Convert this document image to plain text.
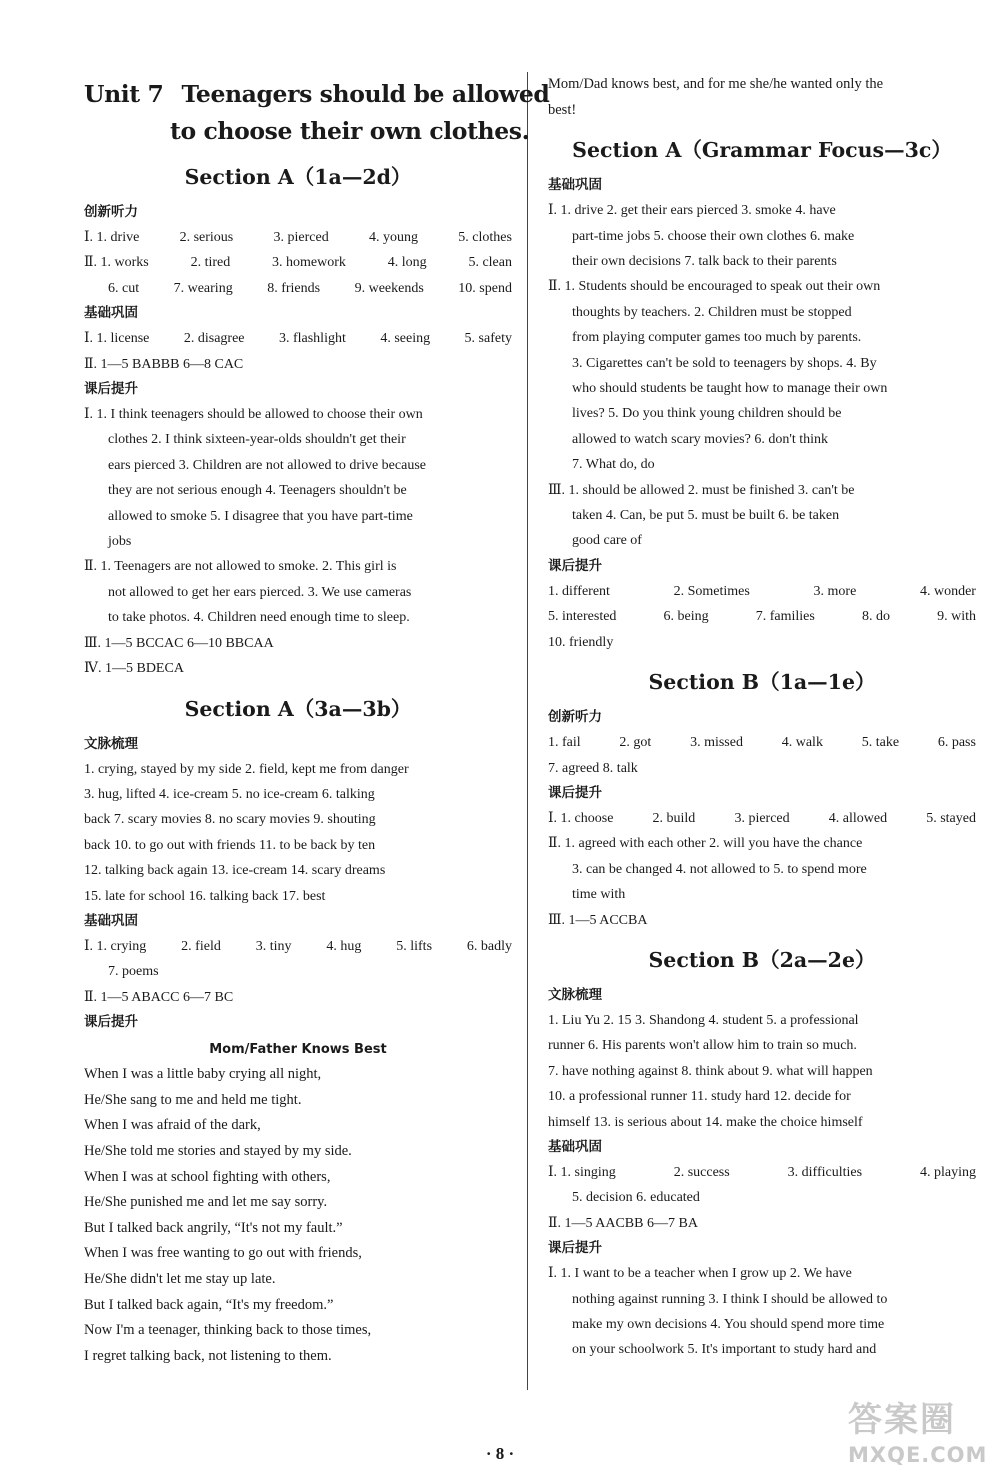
Unit 7 Teenagers should be allowed
to choose their own clothes.
Section A（1a—2d）
创新听力
Ⅰ. 1. drive	2. serious	3. pierced	4. young	5. clothes
Ⅱ. 1. works	2. tired	3. homework	4. long	5. clean
6. cut 7. wearing 8. friends 9. weekends 10. spend
基础巩固
Ⅰ. 1. license 2. disagree 3. flashlight 4. seeing 5. safety
Ⅱ. 1—5 BABBB 6—8 CAC
课后提升
Ⅰ. 1. I think teenagers should be allowed to choose their own
clothes 2. I think sixteen-year-olds shouldn't get their
ears pierced 3. Children are not allowed to drive because
they are not serious enough 4. Teenagers shouldn't be
allowed to smoke 5. I disagree that you have part-time
jobs
Ⅱ. 1. Teenagers are not allowed to smoke. 2. This girl is
not allowed to get her ears pierced. 3. We use cameras
to take photos. 4. Children need enough time to sleep.
Ⅲ. 1—5 BCCAC 6—10 BBCAA
Ⅳ. 1—5 BDECA
Section A（3a—3b）
文脉梳理
1. crying, stayed by my side 2. field, kept me from danger
3. hug, lifted 4. ice-cream 5. no ice-cream 6. talking
back 7. scary movies 8. no scary movies 9. shouting
back 10. to go out with friends 11. to be back by ten
12. talking back again 13. ice-cream 14. scary dreams
15. late for school 16. talking back 17. best
基础巩固
Ⅰ. 1. crying 2. field 3. tiny 4. hug 5. lifts 6. badly
7. poems
Ⅱ. 1—5 ABACC 6—7 BC
课后提升
Mom/Father Knows Best
When I was a little baby crying all night,
He/She sang to me and held me tight.
When I was afraid of the dark,
He/She told me stories and stayed by my side.
When I was at school fighting with others,
He/She punished me and let me say sorry.
But I talked back angrily, “It's not my fault.”
When I was free wanting to go out with friends,
He/She didn't let me stay up late.
But I talked back again, “It's my freedom.”
Now I'm a teenager, thinking back to those times,
I regret talking back, not listening to them.
Mom/Dad knows best, and for me she/he wanted only the
best!
Section A（Grammar Focus—3c）
基础巩固
Ⅰ. 1. drive 2. get their ears pierced 3. smoke 4. have
part-time jobs 5. choose their own clothes 6. make
their own decisions 7. talk back to their parents
Ⅱ. 1. Students should be encouraged to speak out their own
thoughts by teachers. 2. Children must be stopped
from playing computer games too much by parents.
3. Cigarettes can't be sold to teenagers by shops. 4. By
who should students be taught how to manage their own
lives? 5. Do you think young children should be
allowed to watch scary movies? 6. don't think
7. What do, do
Ⅲ. 1. should be allowed 2. must be finished 3. can't be
taken 4. Can, be put 5. must be built 6. be taken
good care of
课后提升
1. different	2. Sometimes	3. more	4. wonder
5. interested	6. being	7. families	8. do	9. with
10. friendly
Section B（1a—1e）
创新听力
1. fail	2. got	3. missed	4. walk	5. take	6. pass
7. agreed 8. talk
课后提升
Ⅰ. 1. choose	2. build	3. pierced	4. allowed	5. stayed
Ⅱ. 1. agreed with each other 2. will you have the chance
3. can be changed 4. not allowed to 5. to spend more
time with
Ⅲ. 1—5 ACCBA
Section B（2a—2e）
文脉梳理
1. Liu Yu 2. 15 3. Shandong 4. student 5. a professional
runner 6. His parents won't allow him to train so much.
7. have nothing against 8. think about 9. what will happen
10. a professional runner 11. study hard 12. decide for
himself 13. is serious about 14. make the choice himself
基础巩固
Ⅰ. 1. singing	2. success	3. difficulties	4. playing
5. decision 6. educated
Ⅱ. 1—5 AACBB 6—7 BA
课后提升
Ⅰ. 1. I want to be a teacher when I grow up 2. We have
nothing against running 3. I think I should be allowed to
make my own decisions 4. You should spend more time
on your schoolwork 5. It's important to study hard and
· 8 ·
答案圈
MXQE.COM
